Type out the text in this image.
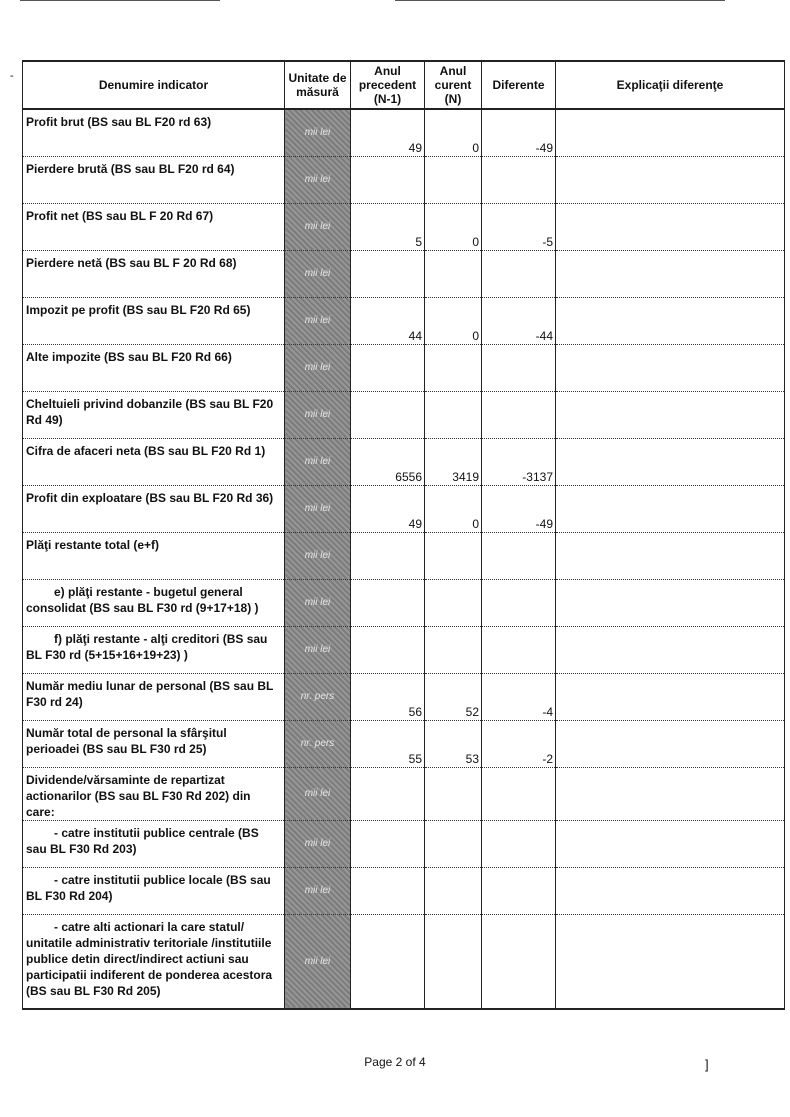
-
Denumire indicator	Unitate de măsură	Anul precedent (N-1)	Anul curent (N)	Diferente	Explicaţii diferenţe
Profit brut (BS sau BL F20 rd 63)	mii lei	49	0	-49	
Pierdere brută (BS sau BL F20 rd 64)	mii lei				
Profit net (BS sau BL F 20 Rd 67)	mii lei	5	0	-5	
Pierdere netă (BS sau BL F 20 Rd 68)	mii lei				
Impozit pe profit (BS sau BL F20 Rd 65)	mii lei	44	0	-44	
Alte impozite (BS sau BL F20 Rd 66)	mii lei				
Cheltuieli privind dobanzile (BS sau BL F20 Rd 49)	mii lei				
Cifra de afaceri neta (BS sau BL F20 Rd 1)	mii lei	6556	3419	-3137	
Profit din exploatare (BS sau BL F20 Rd 36)	mii lei	49	0	-49	
Plăţi restante total (e+f)	mii lei				
e) plăţi restante - bugetul general consolidat (BS sau BL F30 rd (9+17+18) )	mii lei				
f) plăţi restante - alţi creditori (BS sau BL F30 rd (5+15+16+19+23) )	mii lei				
Număr mediu lunar de personal (BS sau BL F30 rd 24)	nr. pers	56	52	-4	
Număr total de personal la sfârşitul perioadei (BS sau BL F30 rd 25)	nr. pers	55	53	-2	
Dividende/vărsaminte de repartizat actionarilor (BS sau BL F30 Rd 202) din care:	mii lei				
- catre institutii publice centrale (BS sau BL F30 Rd 203)	mii lei				
- catre institutii publice locale (BS sau BL F30 Rd 204)	mii lei				
- catre alti actionari la care statul/ unitatile administrativ teritoriale /institutiile publice detin direct/indirect actiuni sau participatii indiferent de ponderea acestora (BS sau BL F30 Rd 205)	mii lei				
Page 2 of 4	]
